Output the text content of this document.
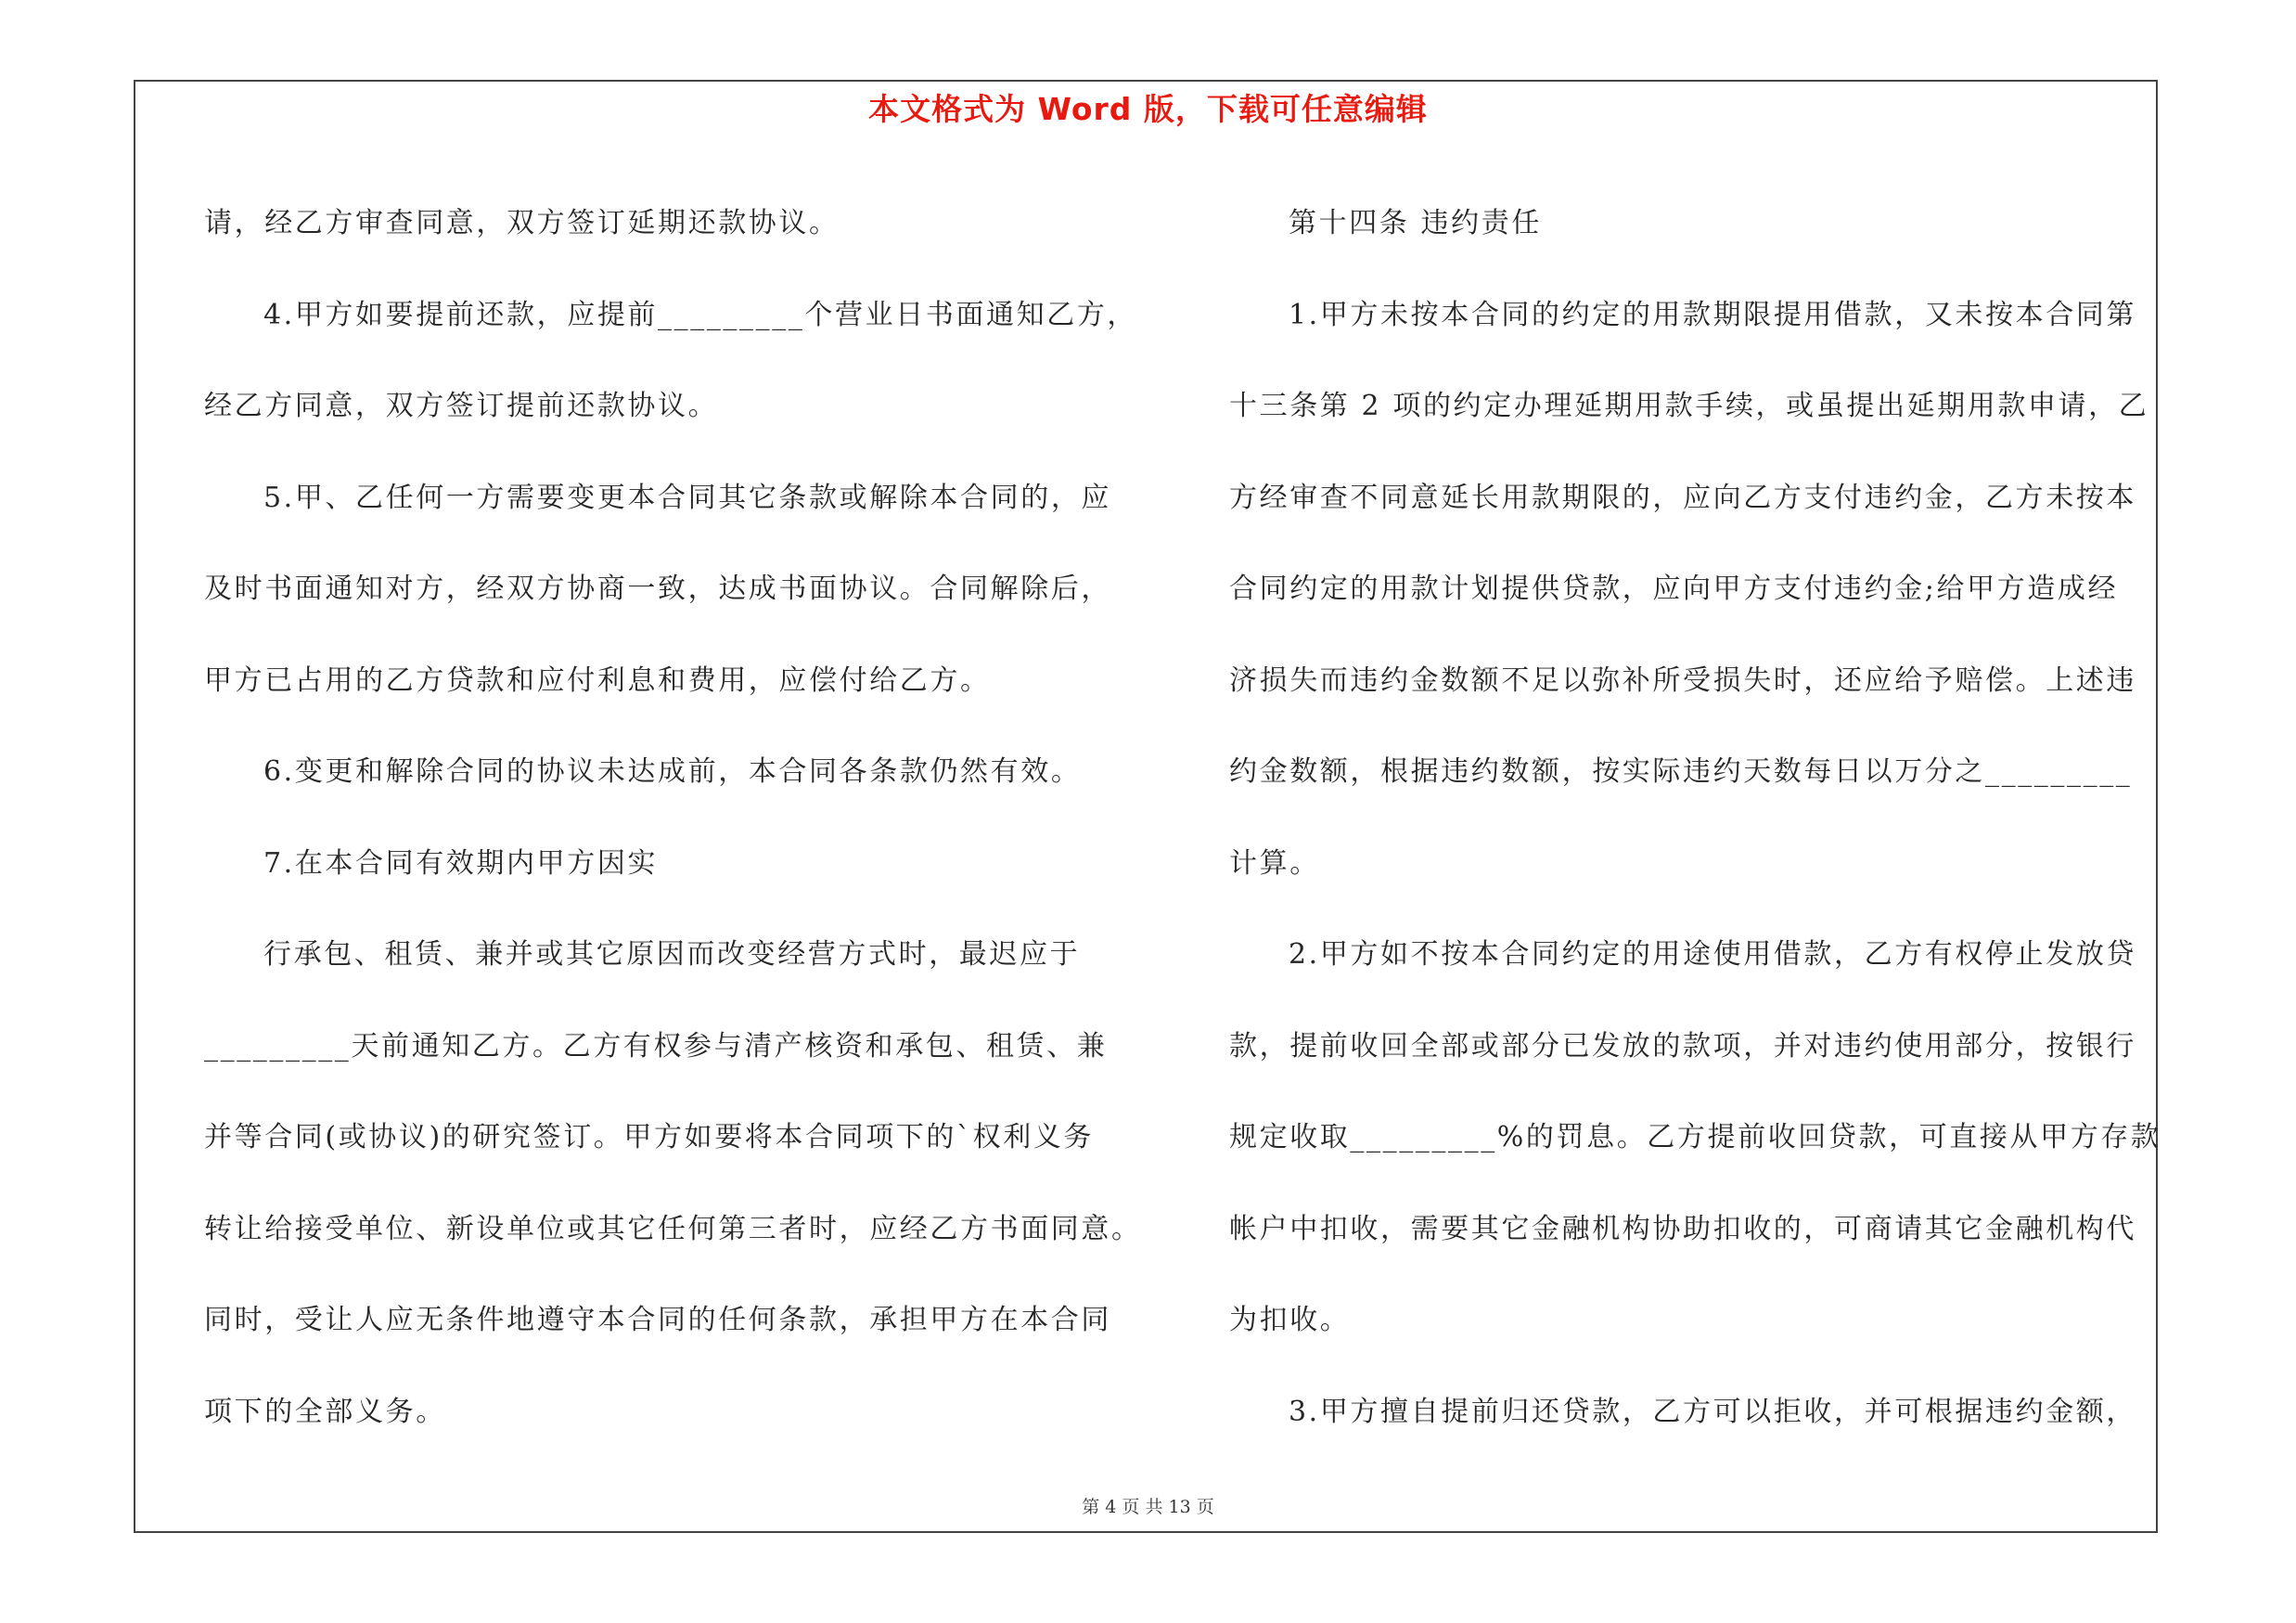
本文格式为 Word 版，下载可任意编辑
请，经乙方审查同意，双方签订延期还款协议。
4.甲方如要提前还款，应提前_________个营业日书面通知乙方，
经乙方同意，双方签订提前还款协议。
5.甲、乙任何一方需要变更本合同其它条款或解除本合同的，应
及时书面通知对方，经双方协商一致，达成书面协议。合同解除后，
甲方已占用的乙方贷款和应付利息和费用，应偿付给乙方。
6.变更和解除合同的协议未达成前，本合同各条款仍然有效。
7.在本合同有效期内甲方因实
行承包、租赁、兼并或其它原因而改变经营方式时，最迟应于
_________天前通知乙方。乙方有权参与清产核资和承包、租赁、兼
并等合同(或协议)的研究签订。甲方如要将本合同项下的`权利义务
转让给接受单位、新设单位或其它任何第三者时，应经乙方书面同意。
同时，受让人应无条件地遵守本合同的任何条款，承担甲方在本合同
项下的全部义务。
第十四条 违约责任
1.甲方未按本合同的约定的用款期限提用借款，又未按本合同第
十三条第 2 项的约定办理延期用款手续，或虽提出延期用款申请，乙
方经审查不同意延长用款期限的，应向乙方支付违约金，乙方未按本
合同约定的用款计划提供贷款，应向甲方支付违约金;给甲方造成经
济损失而违约金数额不足以弥补所受损失时，还应给予赔偿。上述违
约金数额，根据违约数额，按实际违约天数每日以万分之_________
计算。
2.甲方如不按本合同约定的用途使用借款，乙方有权停止发放贷
款，提前收回全部或部分已发放的款项，并对违约使用部分，按银行
规定收取_________%的罚息。乙方提前收回贷款，可直接从甲方存款
帐户中扣收，需要其它金融机构协助扣收的，可商请其它金融机构代
为扣收。
3.甲方擅自提前归还贷款，乙方可以拒收，并可根据违约金额，
第 4 页 共 13 页
